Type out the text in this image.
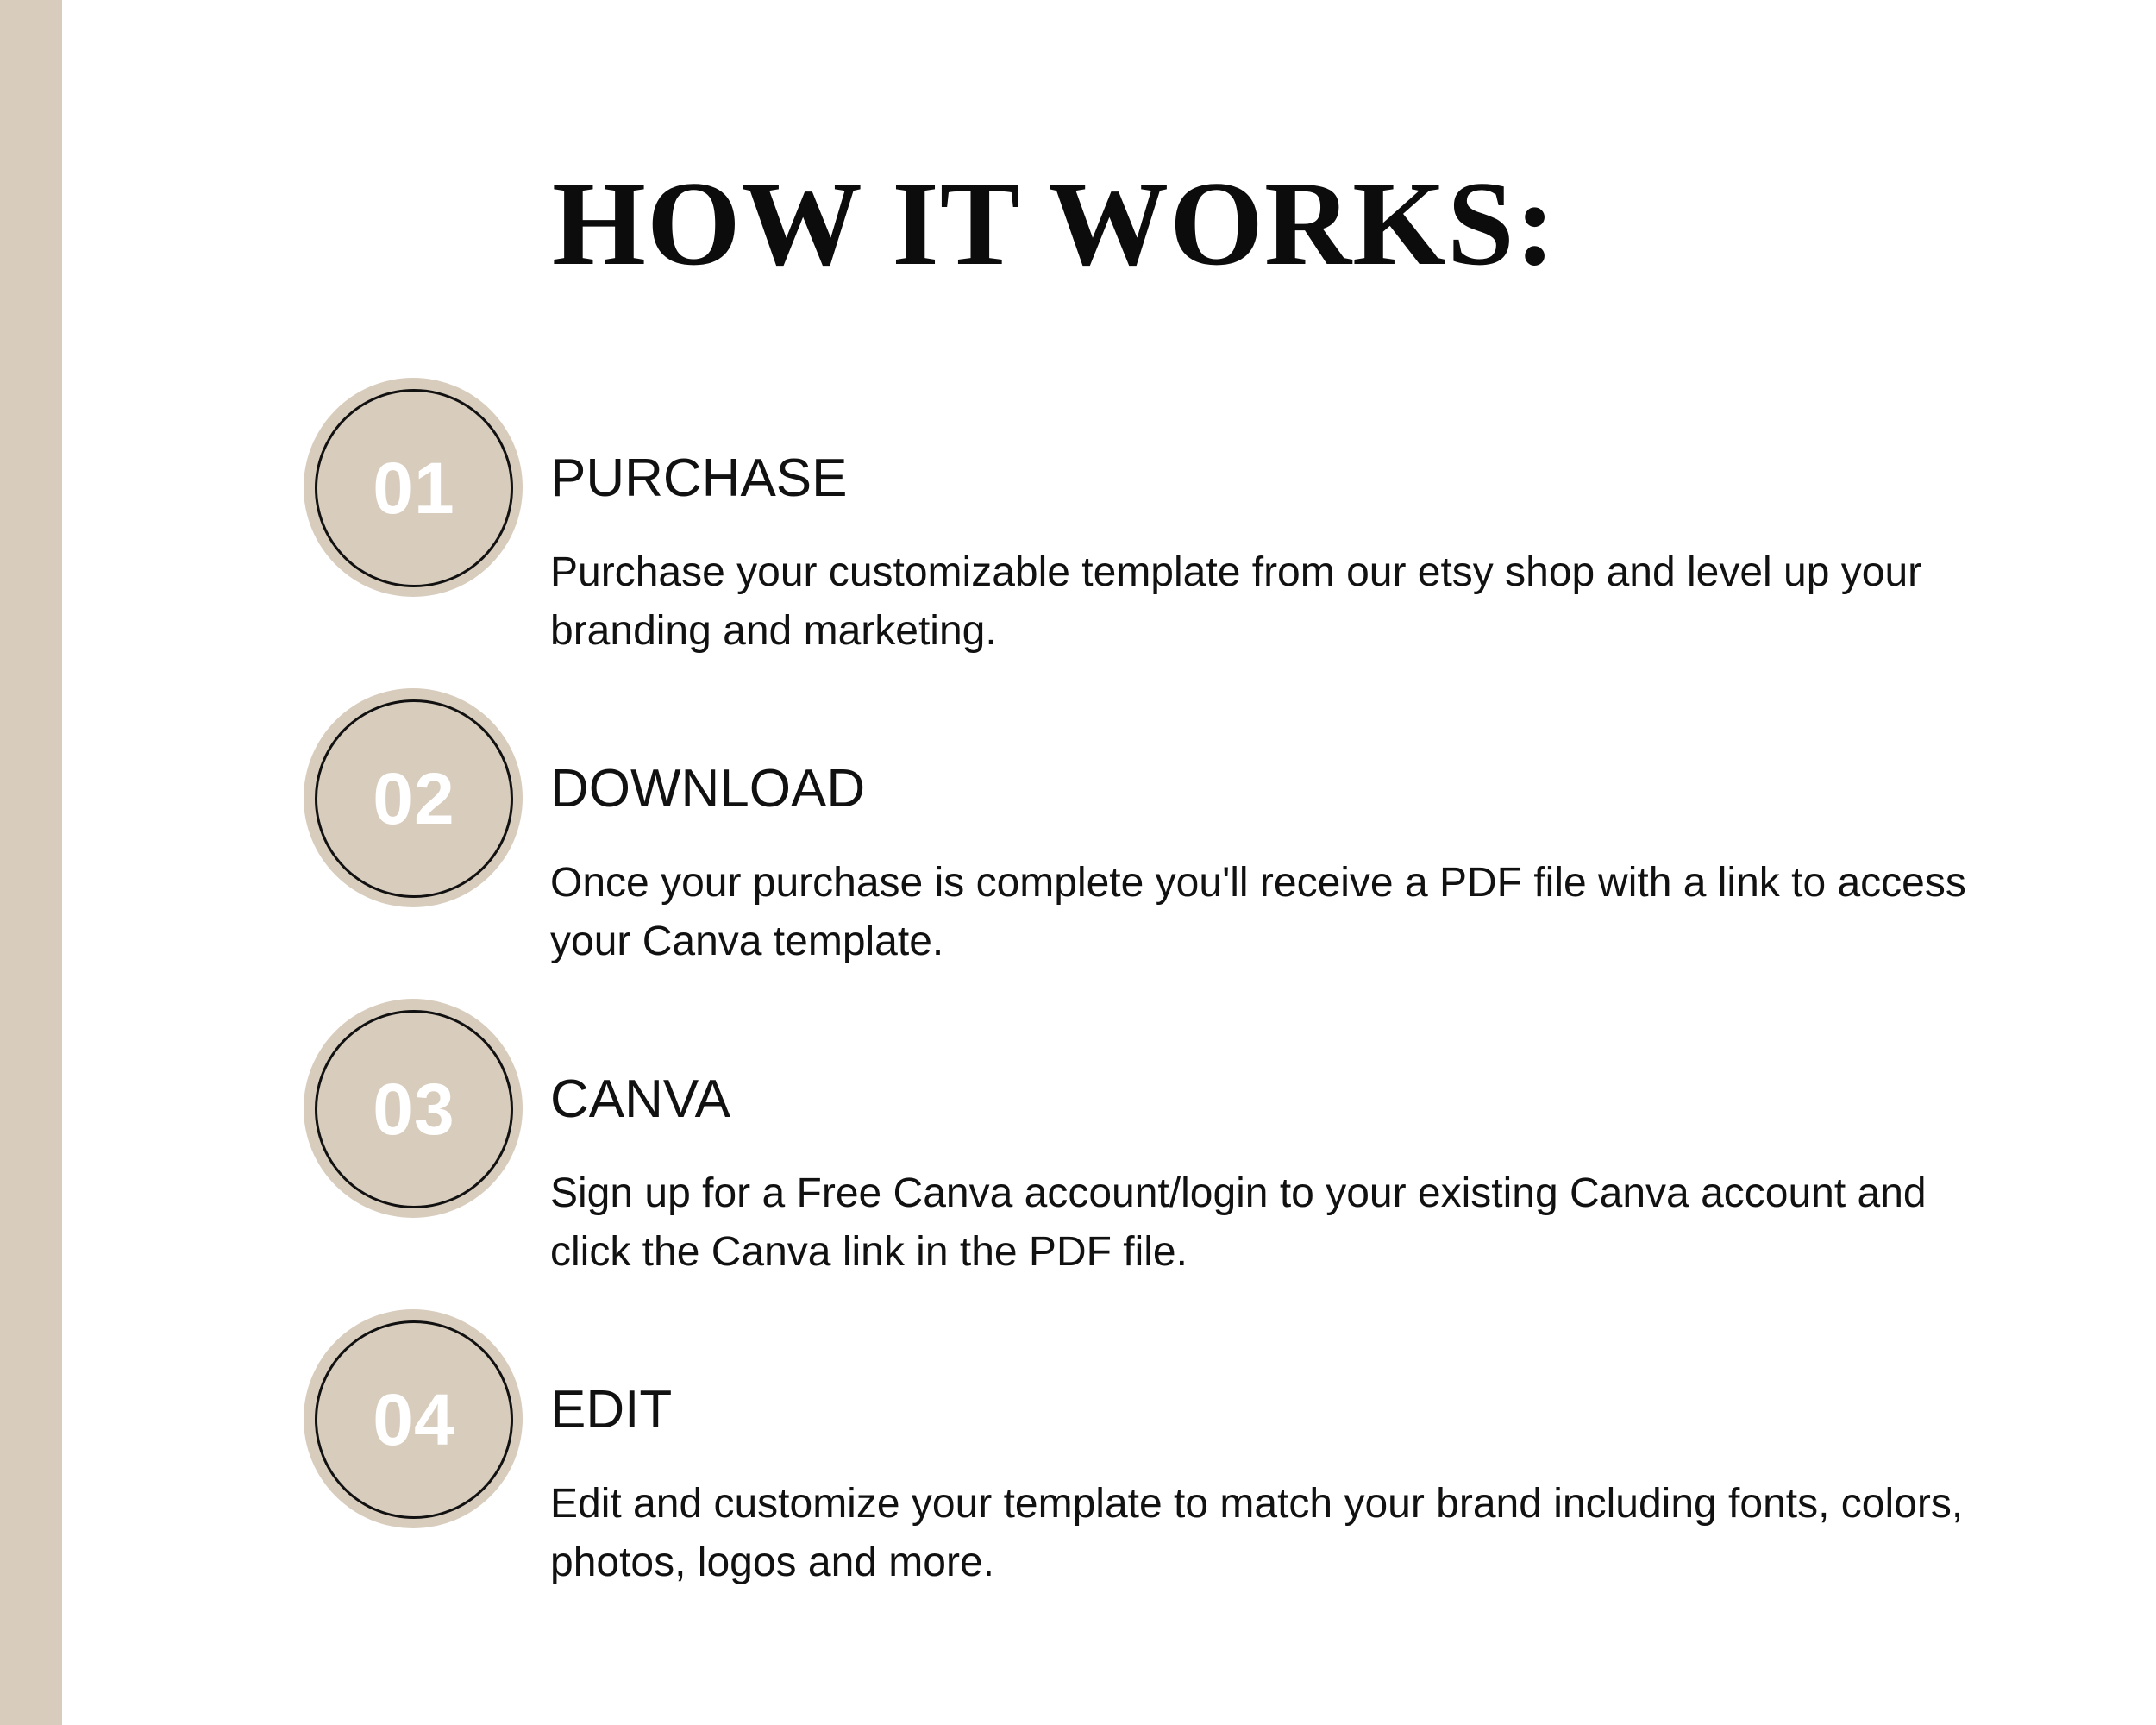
HOW IT WORKS:
01	PURCHASE

Purchase your customizable template from our etsy shop and level up your branding and marketing.

02	DOWNLOAD

Once your purchase is complete you'll receive a PDF file with a link to access your Canva template.

03	CANVA

Sign up for a Free Canva account/login to your existing Canva account and click the Canva link in the PDF file.

04	EDIT

Edit and customize your template to match your brand including fonts, colors, photos, logos and more.
